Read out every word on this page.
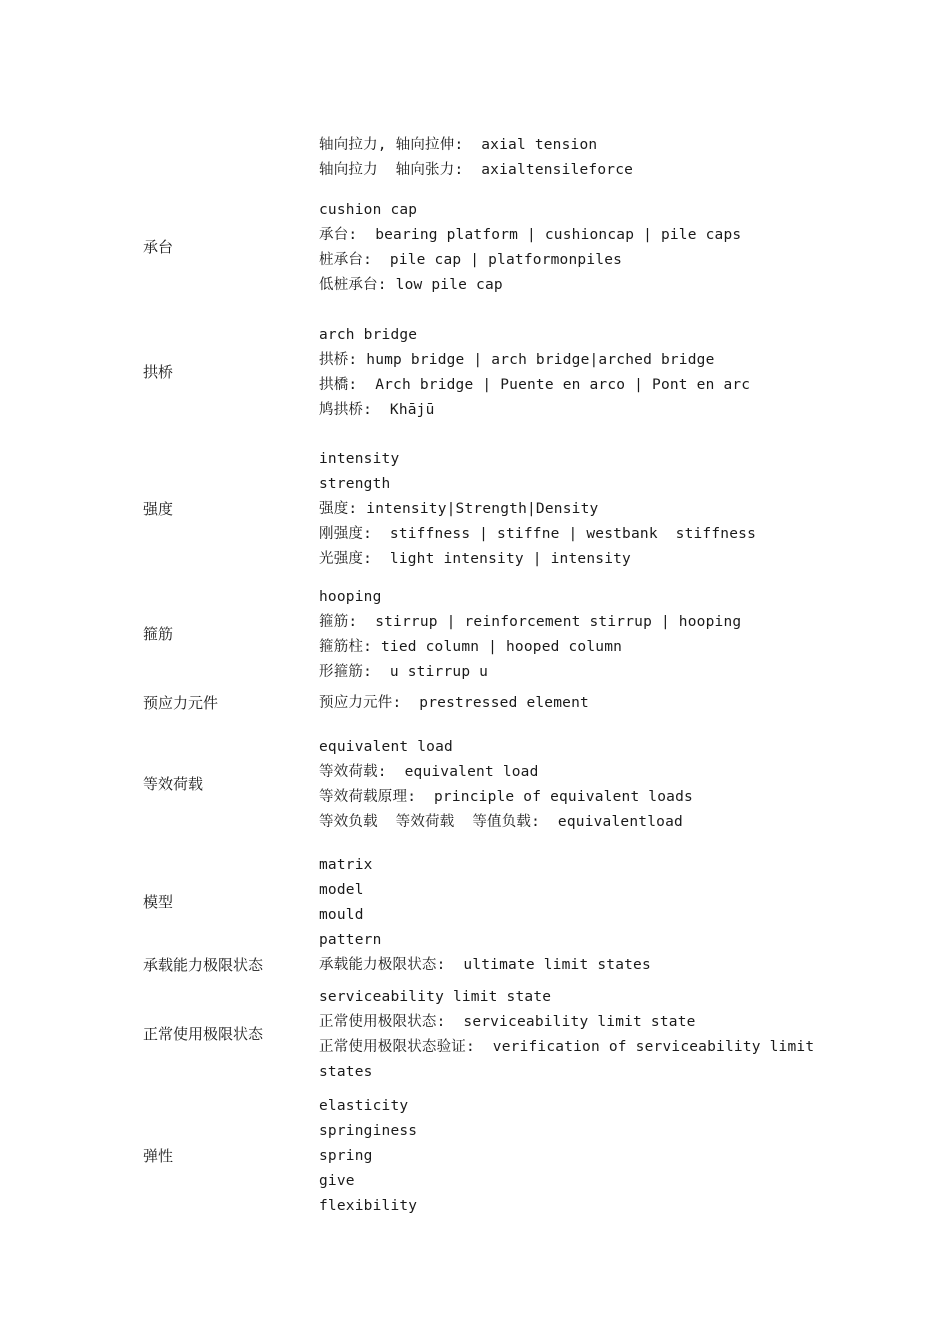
轴向拉力, 轴向拉伸:  axial tension
轴向拉力  轴向张力:  axialtensileforce
承台
cushion cap
承台:  bearing platform | cushioncap | pile caps
桩承台:  pile cap | platformonpiles
低桩承台: low pile cap
拱桥
arch bridge
拱桥: hump bridge | arch bridge|arched bridge
拱橋:  Arch bridge | Puente en arco | Pont en arc
鸠拱桥:  Khājū
强度
intensity
strength
强度: intensity|Strength|Density
刚强度:  stiffness | stiffne | westbank  stiffness
光强度:  light intensity | intensity
箍筋
hooping
箍筋:  stirrup | reinforcement stirrup | hooping
箍筋柱: tied column | hooped column
形箍筋:  u stirrup u
预应力元件	预应力元件:  prestressed element
等效荷载
equivalent load
等效荷载:  equivalent load
等效荷载原理:  principle of equivalent loads
等效负载  等效荷载  等值负载:  equivalentload
模型
matrix
model
mould
pattern
承载能力极限状态	承载能力极限状态:  ultimate limit states
正常使用极限状态
serviceability limit state
正常使用极限状态:  serviceability limit state
正常使用极限状态验证:  verification of serviceability limit
states
弹性
elasticity
springiness
spring
give
flexibility
